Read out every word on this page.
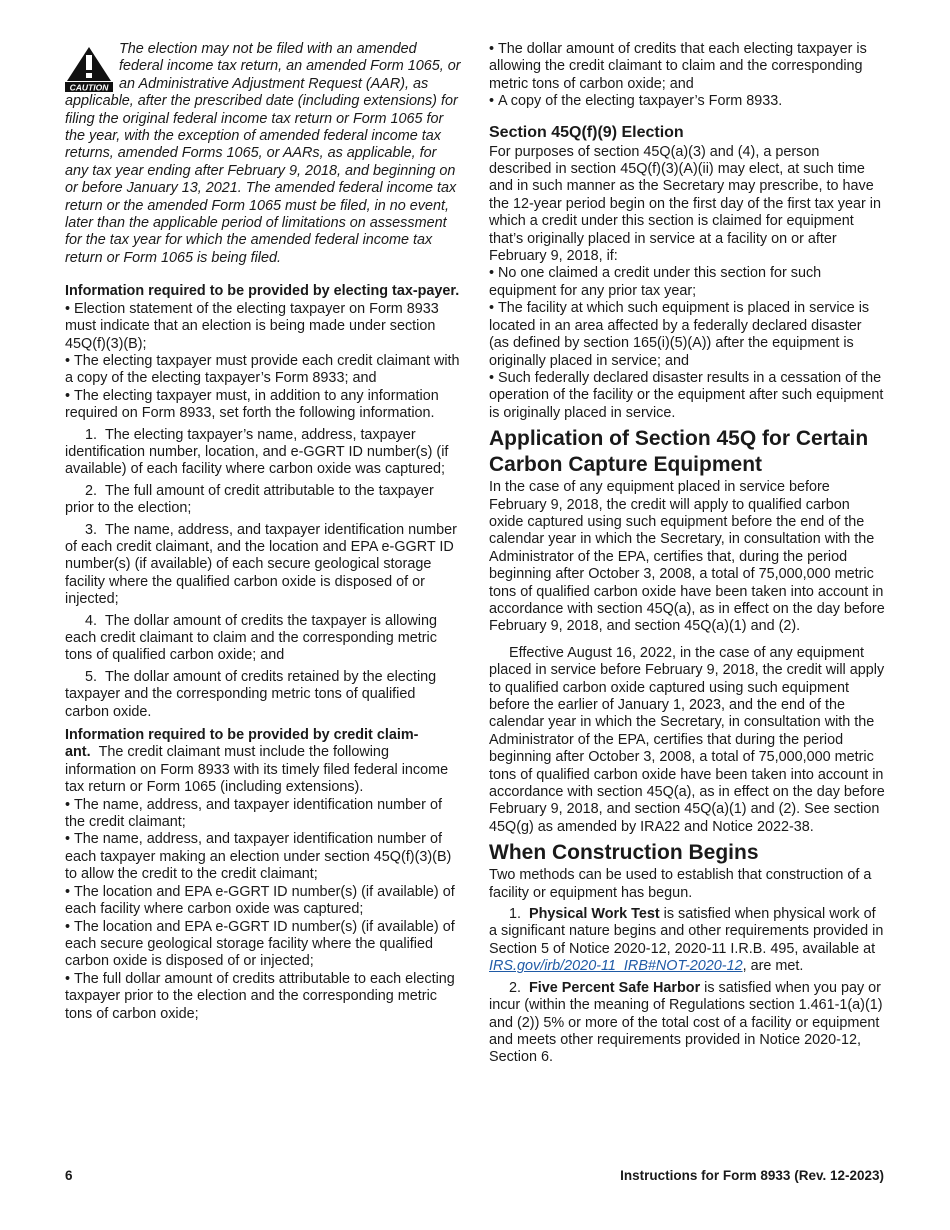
CAUTION

The election may not be filed with an amended federal income tax return, an amended Form 1065, or an Administrative Adjustment Request (AAR), as applicable, after the prescribed date (including extensions) for filing the original federal income tax return or Form 1065 for the year, with the exception of amended federal income tax returns, amended Forms 1065, or AARs, as applicable, for any tax year ending after February 9, 2018, and beginning on or before January 13, 2021. The amended federal income tax return or the amended Form 1065 must be filed, in no event, later than the applicable period of limitations on assessment for the tax year for which the amended federal income tax return or Form 1065 is being filed.

Information required to be provided by electing tax-payer.

• Election statement of the electing taxpayer on Form 8933 must indicate that an election is being made under section 45Q(f)(3)(B);

• The electing taxpayer must provide each credit claimant with a copy of the electing taxpayer’s Form 8933; and

• The electing taxpayer must, in addition to any information required on Form 8933, set forth the following information.

1.  The electing taxpayer’s name, address, taxpayer identification number, location, and e-GGRT ID number(s) (if available) of each facility where carbon oxide was captured;

2.  The full amount of credit attributable to the taxpayer prior to the election;

3.  The name, address, and taxpayer identification number of each credit claimant, and the location and EPA e-GGRT ID number(s) (if available) of each secure geological storage facility where the qualified carbon oxide is disposed of or injected;

4.  The dollar amount of credits the taxpayer is allowing each credit claimant to claim and the corresponding metric tons of qualified carbon oxide; and

5.  The dollar amount of credits retained by the electing taxpayer and the corresponding metric tons of qualified carbon oxide.

Information required to be provided by credit claim-ant. The credit claimant must include the following information on Form 8933 with its timely filed federal income tax return or Form 1065 (including extensions).

• The name, address, and taxpayer identification number of the credit claimant;

• The name, address, and taxpayer identification number of each taxpayer making an election under section 45Q(f)(3)(B) to allow the credit to the credit claimant;

• The location and EPA e-GGRT ID number(s) (if available) of each facility where carbon oxide was captured;

• The location and EPA e-GGRT ID number(s) (if available) of each secure geological storage facility where the qualified carbon oxide is disposed of or injected;

• The full dollar amount of credits attributable to each electing taxpayer prior to the election and the corresponding metric tons of carbon oxide;

• The dollar amount of credits that each electing taxpayer is allowing the credit claimant to claim and the corresponding metric tons of carbon oxide; and

• A copy of the electing taxpayer’s Form 8933.

Section 45Q(f)(9) Election

For purposes of section 45Q(a)(3) and (4), a person described in section 45Q(f)(3)(A)(ii) may elect, at such time and in such manner as the Secretary may prescribe, to have the 12-year period begin on the first day of the first tax year in which a credit under this section is claimed for equipment that’s originally placed in service at a facility on or after February 9, 2018, if:

• No one claimed a credit under this section for such equipment for any prior tax year;

• The facility at which such equipment is placed in service is located in an area affected by a federally declared disaster (as defined by section 165(i)(5)(A)) after the equipment is originally placed in service; and

• Such federally declared disaster results in a cessation of the operation of the facility or the equipment after such equipment is originally placed in service.

Application of Section 45Q for Certain Carbon Capture Equipment

In the case of any equipment placed in service before February 9, 2018, the credit will apply to qualified carbon oxide captured using such equipment before the end of the calendar year in which the Secretary, in consultation with the Administrator of the EPA, certifies that, during the period beginning after October 3, 2008, a total of 75,000,000 metric tons of qualified carbon oxide have been taken into account in accordance with section 45Q(a), as in effect on the day before February 9, 2018, and section 45Q(a)(1) and (2).

Effective August 16, 2022, in the case of any equipment placed in service before February 9, 2018, the credit will apply to qualified carbon oxide captured using such equipment before the earlier of January 1, 2023, and the end of the calendar year in which the Secretary, in consultation with the Administrator of the EPA, certifies that during the period beginning after October 3, 2008, a total of 75,000,000 metric tons of qualified carbon oxide have been taken into account in accordance with section 45Q(a), as in effect on the day before February 9, 2018, and section 45Q(a)(1) and (2). See section 45Q(g) as amended by IRA22 and Notice 2022-38.

When Construction Begins

Two methods can be used to establish that construction of a facility or equipment has begun.

1. Physical Work Test is satisfied when physical work of a significant nature begins and other requirements provided in Section 5 of Notice 2020-12, 2020-11 I.R.B. 495, available at IRS.gov/irb/2020-11_IRB#NOT-2020-12, are met.

2. Five Percent Safe Harbor is satisfied when you pay or incur (within the meaning of Regulations section 1.461-1(a)(1) and (2)) 5% or more of the total cost of a facility or equipment and meets other requirements provided in Notice 2020-12, Section 6.

6	Instructions for Form 8933 (Rev. 12-2023)
